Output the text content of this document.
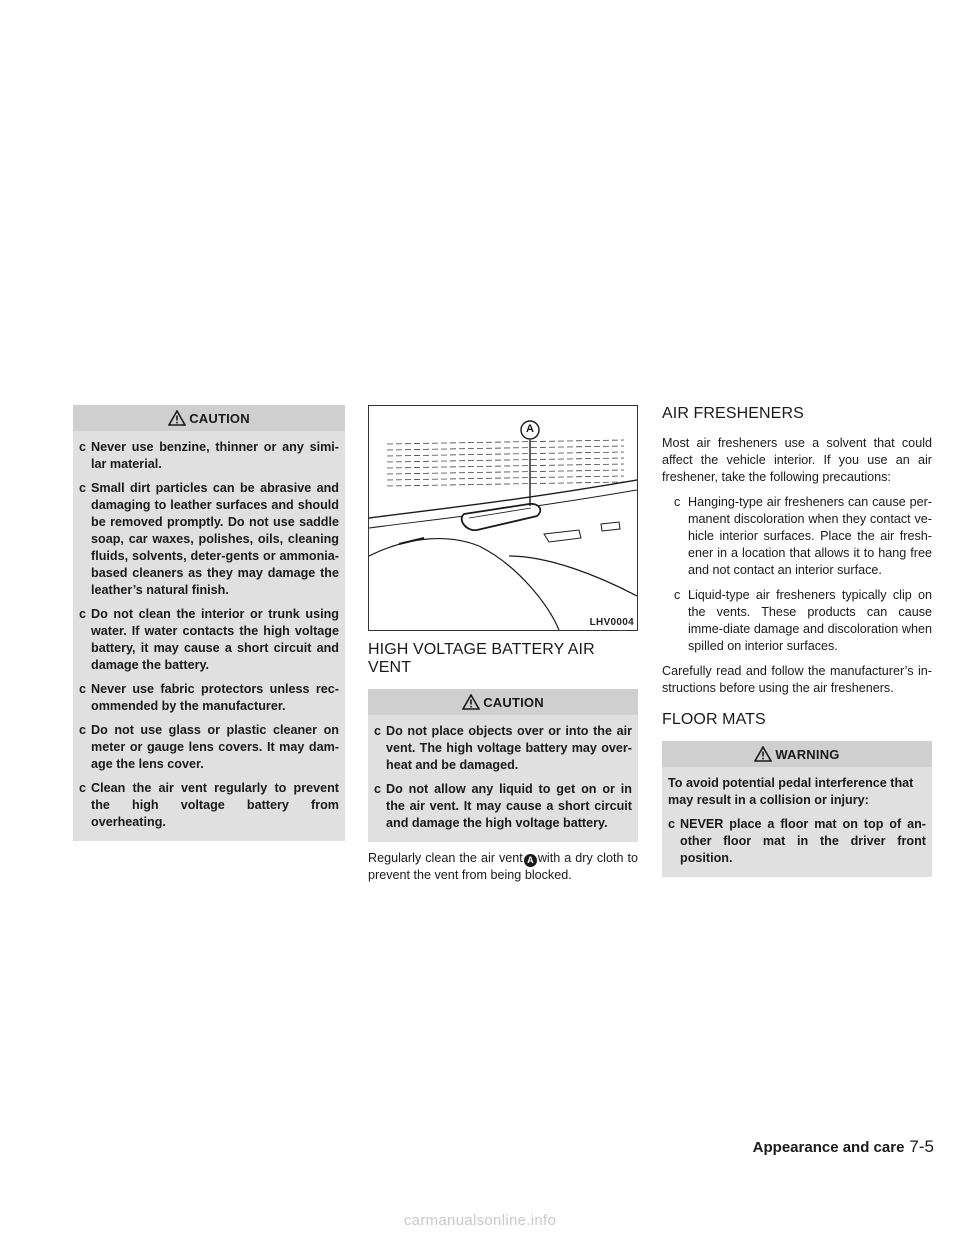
CAUTION
c Never use benzine, thinner or any simi-lar material.
c Small dirt particles can be abrasive and damaging to leather surfaces and should be removed promptly. Do not use saddle soap, car waxes, polishes, oils, cleaning fluids, solvents, deter-gents or ammonia-based cleaners as they may damage the leather’s natural finish.
c Do not clean the interior or trunk using water. If water contacts the high voltage battery, it may cause a short circuit and damage the battery.
c Never use fabric protectors unless rec-ommended by the manufacturer.
c Do not use glass or plastic cleaner on meter or gauge lens covers. It may dam-age the lens cover.
c Clean the air vent regularly to prevent the high voltage battery from overheating.
A
LHV0004
HIGH VOLTAGE BATTERY AIR VENT
CAUTION
c Do not place objects over or into the air vent. The high voltage battery may over-heat and be damaged.
c Do not allow any liquid to get on or in the air vent. It may cause a short circuit and damage the high voltage battery.

Regularly clean the air vent A with a dry cloth to prevent the vent from being blocked.

AIR FRESHENERS

Most air fresheners use a solvent that could affect the vehicle interior. If you use an air freshener, take the following precautions:

c Hanging-type air fresheners can cause per-manent discoloration when they contact ve-hicle interior surfaces. Place the air fresh-ener in a location that allows it to hang free and not contact an interior surface.
c Liquid-type air fresheners typically clip on the vents. These products can cause imme-diate damage and discoloration when spilled on interior surfaces.

Carefully read and follow the manufacturer’s in-structions before using the air fresheners.

FLOOR MATS
WARNING
To avoid potential pedal interference that may result in a collision or injury:
c NEVER place a floor mat on top of an-other floor mat in the driver front position.
Appearance and care 7-5
carmanualsonline.info
